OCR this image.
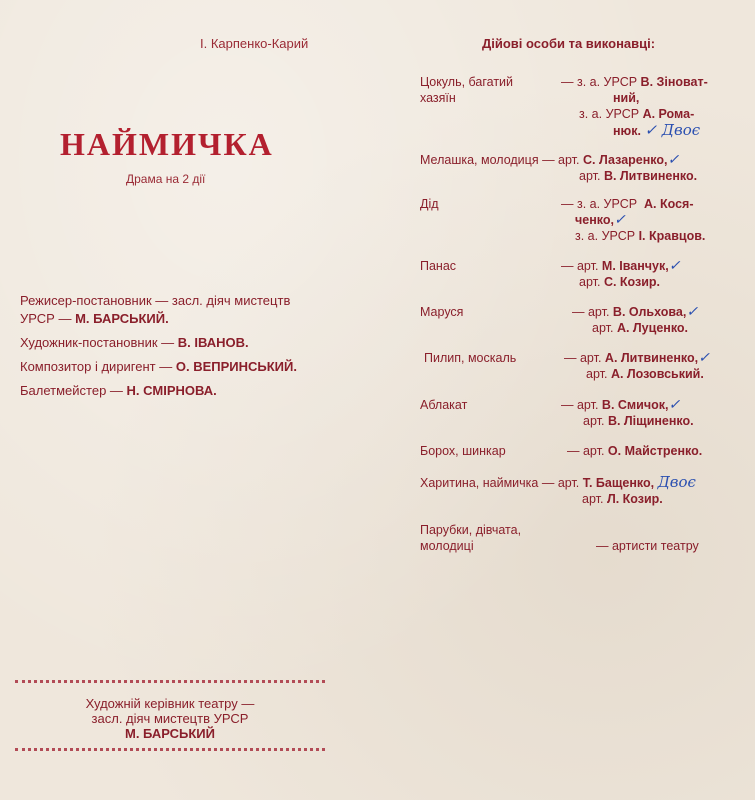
І. Карпенко-Карий
НАЙМИЧКА
Драма на 2 дії
Режисер-постановник — засл. діяч мистецтв
УРСР — М. БАРСЬКИЙ.
Художник-постановник — В. ІВАНОВ.
Композитор і диригент — О. ВЕПРИНСЬКИЙ.
Балетмейстер — Н. СМІРНОВА.
Художній керівник театру —
засл. діяч мистецтв УРСР
М. БАРСЬКИЙ
Дійові особи та виконавці:
Цокуль, багатий
хазяїн
— з. а. УРСР В. Зіноват-
ний,
з. а. УРСР А. Рома-
нюк. ✓ Двоє
Мелашка, молодиця — арт. С. Лазаренко,✓
арт. В. Литвиненко.
Дід	— з. а. УРСР А. Кося-
ченко,✓
з. а. УРСР І. Кравцов.
Панас	— арт. М. Іванчук,✓
арт. С. Козир.
Маруся	— арт. В. Ольхова,✓
арт. А. Луценко.
Пилип, москаль	— арт. А. Литвиненко,✓
арт. А. Лозовський.
Аблакат	— арт. В. Смичок,✓
арт. В. Ліщиненко.
Борох, шинкар	— арт. О. Майстренко.
Харитина, наймичка — арт. Т. Бащенко, Двоє
арт. Л. Козир.
Парубки, дівчата,
молодиці	— артисти театру
